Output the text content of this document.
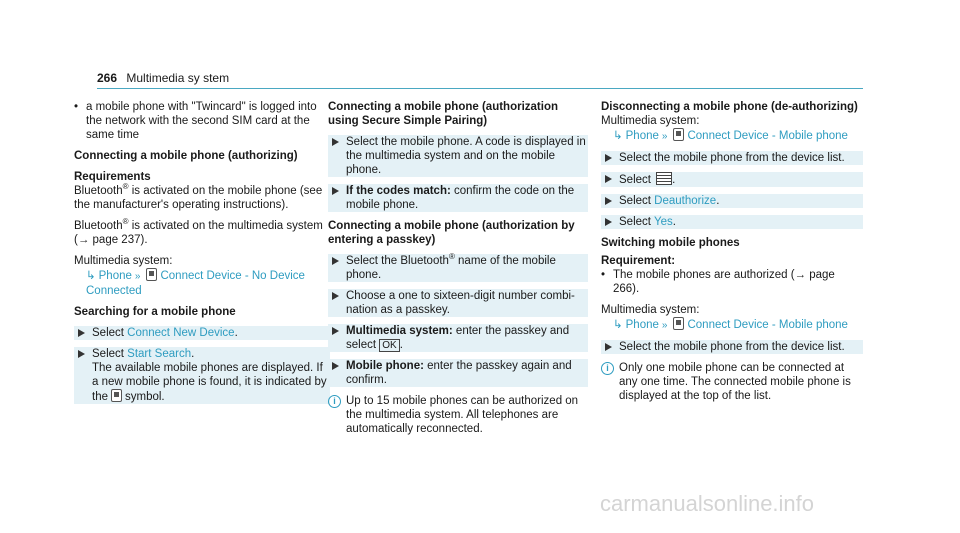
266 Multimedia sy stem
• a mobile phone with "Twincard" is logged into the network with the second SIM card at the same time
Connecting a mobile phone (authorizing)
Requirements
Bluetooth® is activated on the mobile phone (see the manufacturer's operating instructions).
Bluetooth® is activated on the multimedia system (→ page 237).
Multimedia system:
↳ Phone » Connect Device - No Device Connected
Searching for a mobile phone
Select Connect New Device.
Select Start Search.
The available mobile phones are displayed. If a new mobile phone is found, it is indicated by the symbol.
Connecting a mobile phone (authorization using Secure Simple Pairing)
Select the mobile phone. A code is displayed in the multimedia system and on the mobile phone.
If the codes match: confirm the code on the mobile phone.
Connecting a mobile phone (authorization by entering a passkey)
Select the Bluetooth® name of the mobile phone.
Choose a one to sixteen-digit number combination as a passkey.
Multimedia system: enter the passkey and select OK .
Mobile phone: enter the passkey again and confirm.
i Up to 15 mobile phones can be authorized on the multimedia system. All telephones are automatically reconnected.
Disconnecting a mobile phone (de-authorizing)
Multimedia system:
↳ Phone » Connect Device - Mobile phone
Select the mobile phone from the device list.
Select .
Select Deauthorize.
Select Yes.
Switching mobile phones
Requirement:
• The mobile phones are authorized (→ page 266).
Multimedia system:
↳ Phone » Connect Device - Mobile phone
Select the mobile phone from the device list.
i Only one mobile phone can be connected at any one time. The connected mobile phone is displayed at the top of the list.
carmanualsonline.info
